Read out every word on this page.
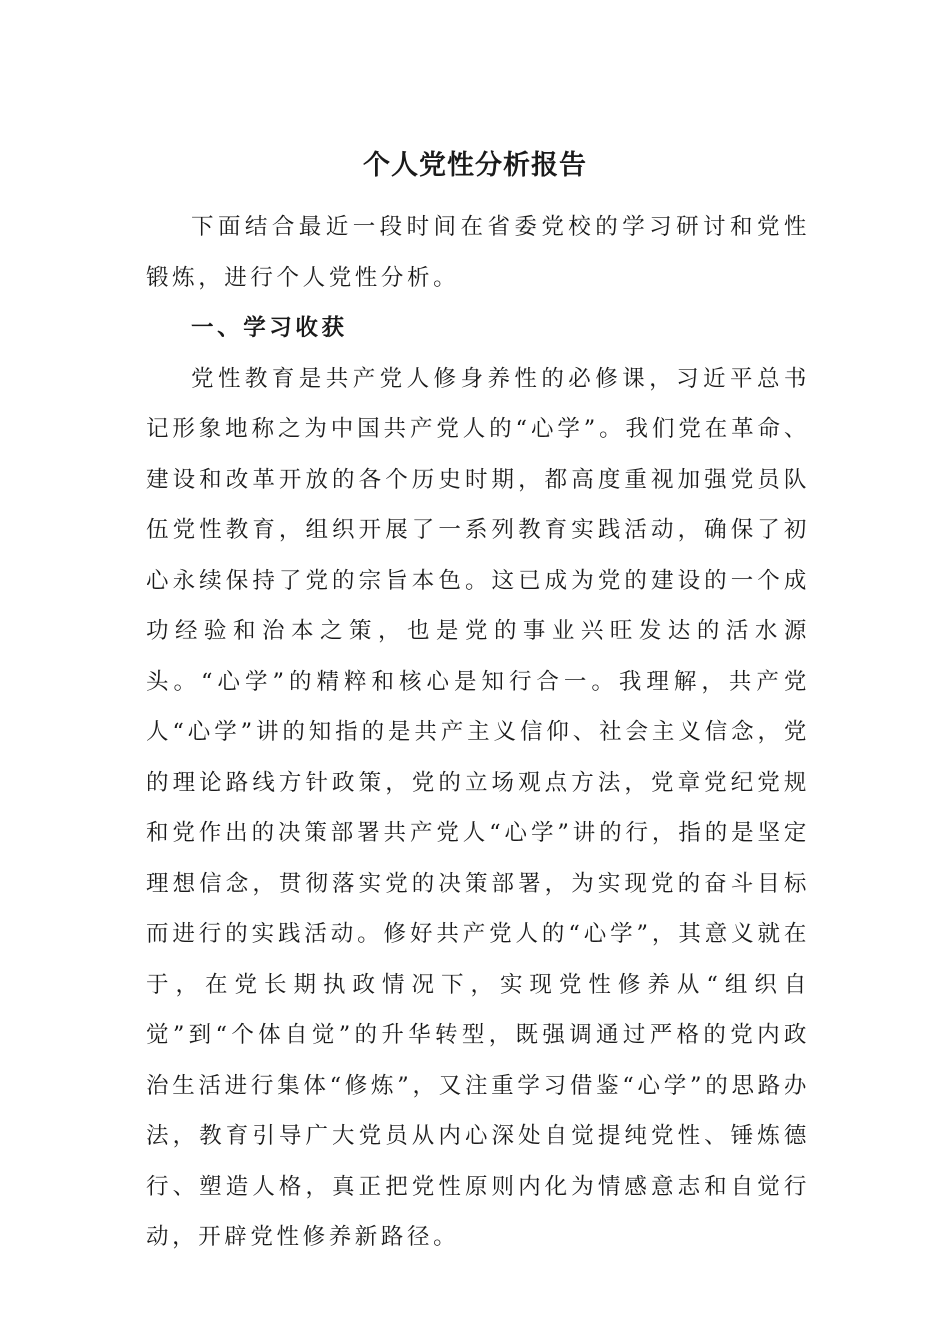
个人党性分析报告

下面结合最近一段时间在省委党校的学习研讨和党性锻炼，进行个人党性分析。

一、学习收获

党性教育是共产党人修身养性的必修课，习近平总书记形象地称之为中国共产党人的“心学”。我们党在革命、建设和改革开放的各个历史时期，都高度重视加强党员队伍党性教育，组织开展了一系列教育实践活动，确保了初心永续保持了党的宗旨本色。这已成为党的建设的一个成功经验和治本之策，也是党的事业兴旺发达的活水源头。“心学”的精粹和核心是知行合一。我理解，共产党人“心学”讲的知指的是共产主义信仰、社会主义信念，党的理论路线方针政策，党的立场观点方法，党章党纪党规和党作出的决策部署共产党人“心学”讲的行，指的是坚定理想信念，贯彻落实党的决策部署，为实现党的奋斗目标而进行的实践活动。修好共产党人的“心学”，其意义就在于，在党长期执政情况下，实现党性修养从“组织自觉”到“个体自觉”的升华转型，既强调通过严格的党内政治生活进行集体“修炼”，又注重学习借鉴“心学”的思路办法，教育引导广大党员从内心深处自觉提纯党性、锤炼德行、塑造人格，真正把党性原则内化为情感意志和自觉行动，开辟党性修养新路径。
